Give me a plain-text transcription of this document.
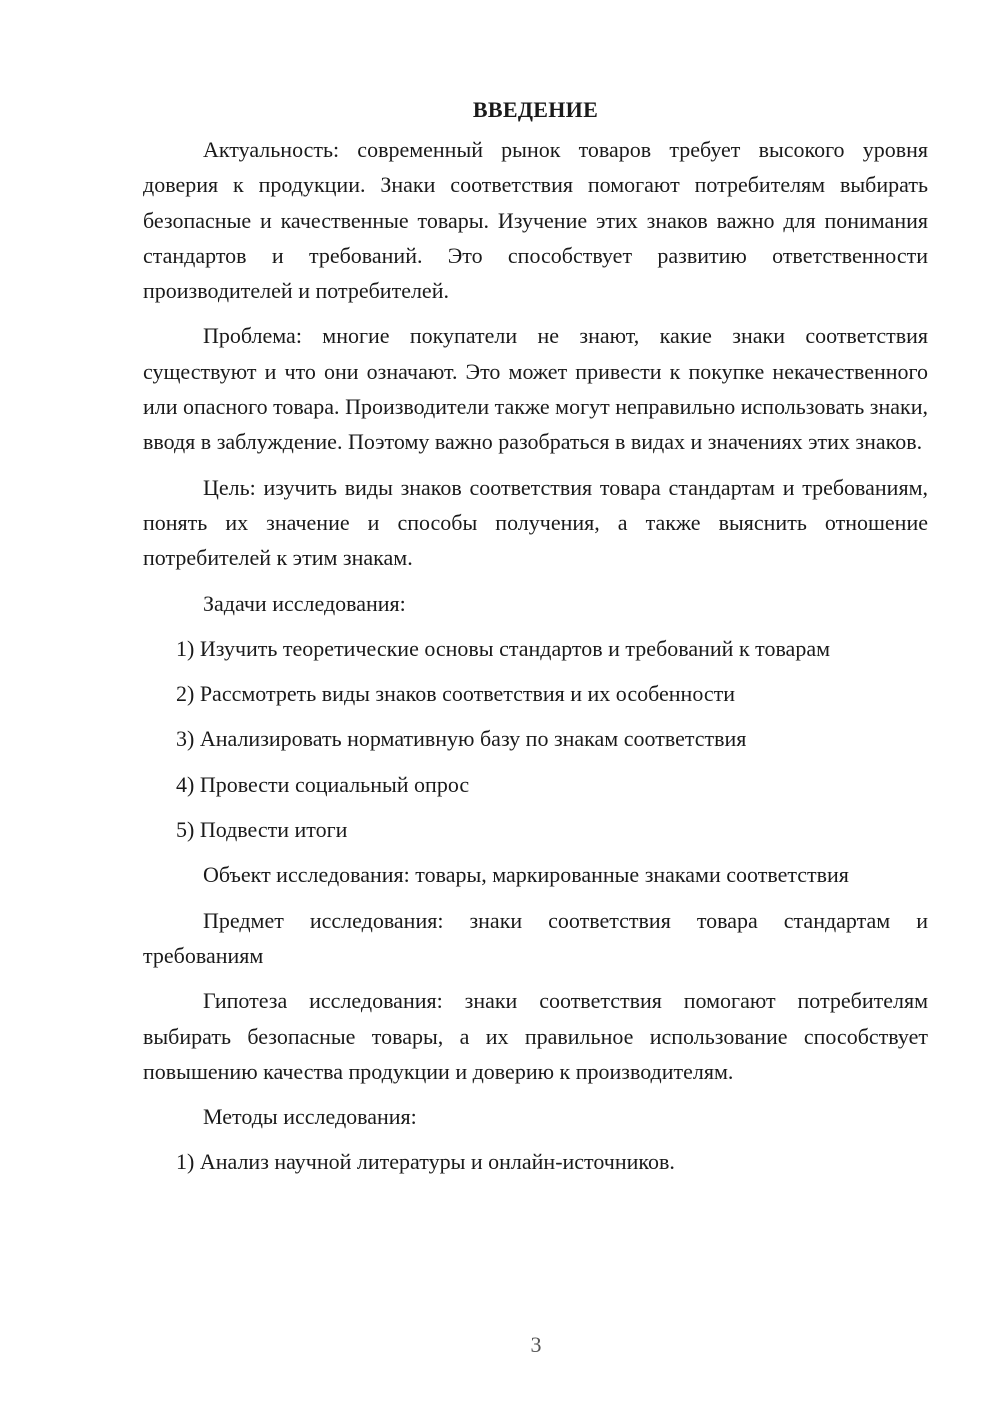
ВВЕДЕНИЕ

Актуальность: современный рынок товаров требует высокого уровня доверия к продукции. Знаки соответствия помогают потребителям выбирать безопасные и качественные товары. Изучение этих знаков важно для понимания стандартов и требований. Это способствует развитию ответственности производителей и потребителей.

Проблема: многие покупатели не знают, какие знаки соответствия существуют и что они означают. Это может привести к покупке некачественного или опасного товара. Производители также могут неправильно использовать знаки, вводя в заблуждение. Поэтому важно разобраться в видах и значениях этих знаков.

Цель: изучить виды знаков соответствия товара стандартам и требованиям, понять их значение и способы получения, а также выяснить отношение потребителей к этим знакам.

Задачи исследования:

1) Изучить теоретические основы стандартов и требований к товарам

2) Рассмотреть виды знаков соответствия и их особенности

3) Анализировать нормативную базу по знакам соответствия

4) Провести социальный опрос

5) Подвести итоги

Объект исследования: товары, маркированные знаками соответствия

Предмет исследования: знаки соответствия товара стандартам и требованиям

Гипотеза исследования: знаки соответствия помогают потребителям выбирать безопасные товары, а их правильное использование способствует повышению качества продукции и доверию к производителям.

Методы исследования:

1) Анализ научной литературы и онлайн-источников.

3
